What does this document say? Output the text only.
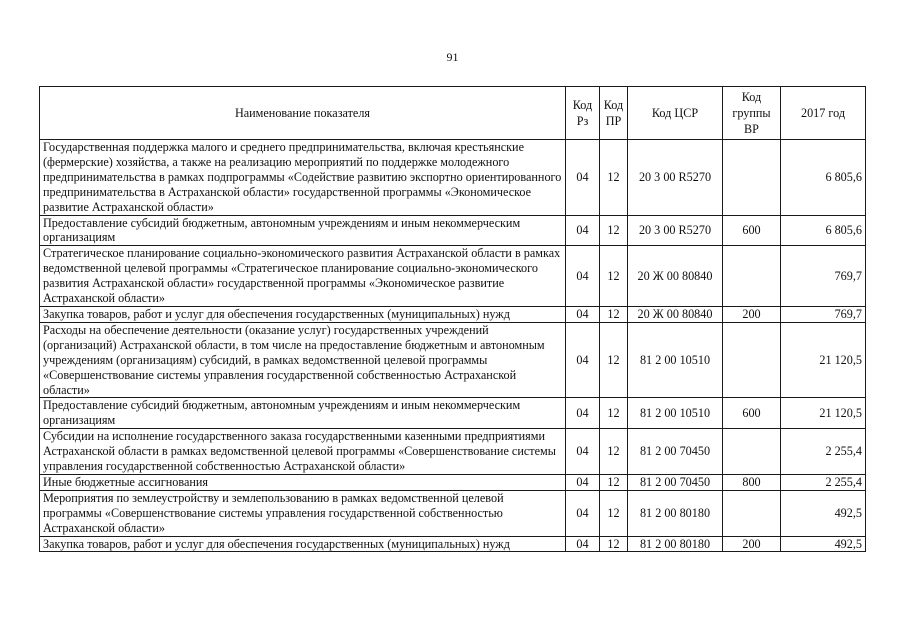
91
Наименование показателя	Код Рз	Код ПР	Код ЦСР	Код группы ВР	2017 год
Государственная поддержка малого и среднего предпринимательства, включая крестьянские (фермерские) хозяйства, а также на реализацию мероприятий по поддержке молодежного предпринимательства в рамках подпрограммы «Содействие развитию экспортно ориентированного предпринимательства в Астраханской области» государственной программы «Экономическое развитие Астраханской области»	04	12	20 3 00 R5270		6 805,6
Предоставление субсидий бюджетным, автономным учреждениям и иным некоммерческим организациям	04	12	20 3 00 R5270	600	6 805,6
Стратегическое планирование социально-экономического развития Астраханской области в рамках ведомственной целевой программы «Стратегическое планирование социально-экономического развития Астраханской области» государственной программы «Экономическое развитие Астраханской области»	04	12	20 Ж 00 80840		769,7
Закупка товаров, работ и услуг для обеспечения государственных (муниципальных) нужд	04	12	20 Ж 00 80840	200	769,7
Расходы на обеспечение деятельности (оказание услуг) государственных учреждений (организаций) Астраханской области, в том числе на предоставление бюджетным и автономным учреждениям (организациям) субсидий, в рамках ведомственной целевой программы «Совершенствование системы управления государственной собственностью Астраханской области»	04	12	81 2 00 10510		21 120,5
Предоставление субсидий бюджетным, автономным учреждениям и иным некоммерческим организациям	04	12	81 2 00 10510	600	21 120,5
Субсидии на исполнение государственного заказа государственными казенными предприятиями Астраханской области в рамках ведомственной целевой программы «Совершенствование системы управления государственной собственностью Астраханской области»	04	12	81 2 00 70450		2 255,4
Иные бюджетные ассигнования	04	12	81 2 00 70450	800	2 255,4
Мероприятия по землеустройству и землепользованию в рамках ведомственной целевой программы «Совершенствование системы управления государственной собственностью Астраханской области»	04	12	81 2 00 80180		492,5
Закупка товаров, работ и услуг для обеспечения государственных (муниципальных) нужд	04	12	81 2 00 80180	200	492,5
